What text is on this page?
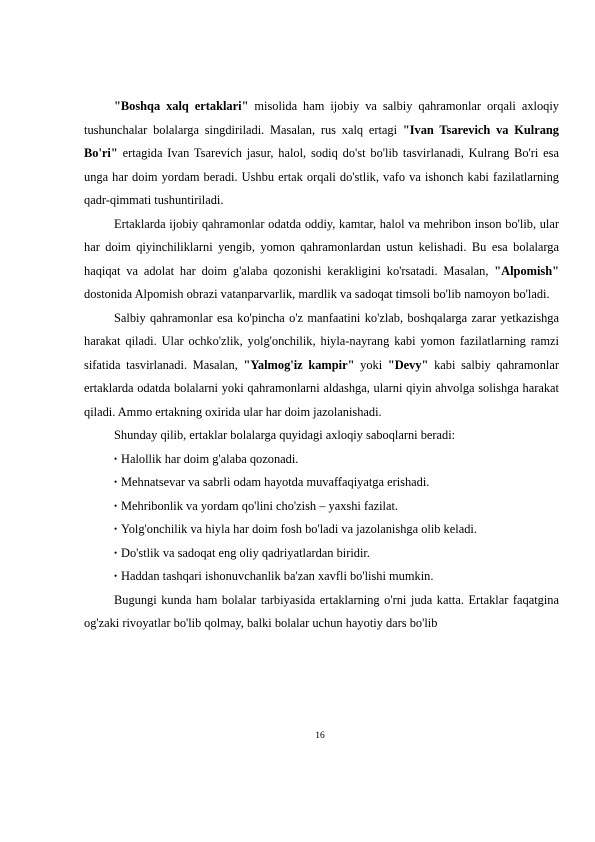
"Boshqa xalq ertaklari" misolida ham ijobiy va salbiy qahramonlar orqali axloqiy tushunchalar bolalarga singdiriladi. Masalan, rus xalq ertagi "Ivan Tsarevich va Kulrang Bo'ri" ertagida Ivan Tsarevich jasur, halol, sodiq do'st bo'lib tasvirlanadi, Kulrang Bo'ri esa unga har doim yordam beradi. Ushbu ertak orqali do'stlik, vafo va ishonch kabi fazilatlarning qadr-qimmati tushuntiriladi.

Ertaklarda ijobiy qahramonlar odatda oddiy, kamtar, halol va mehribon inson bo'lib, ular har doim qiyinchiliklarni yengib, yomon qahramonlardan ustun kelishadi. Bu esa bolalarga haqiqat va adolat har doim g'alaba qozonishi kerakligini ko'rsatadi. Masalan, "Alpomish" dostonida Alpomish obrazi vatanparvarlik, mardlik va sadoqat timsoli bo'lib namoyon bo'ladi.

Salbiy qahramonlar esa ko'pincha o'z manfaatini ko'zlab, boshqalarga zarar yetkazishga harakat qiladi. Ular ochko'zlik, yolg'onchilik, hiyla-nayrang kabi yomon fazilatlarning ramzi sifatida tasvirlanadi. Masalan, "Yalmog'iz kampir" yoki "Devy" kabi salbiy qahramonlar ertaklarda odatda bolalarni yoki qahramonlarni aldashga, ularni qiyin ahvolga solishga harakat qiladi. Ammo ertakning oxirida ular har doim jazolanishadi.

Shunday qilib, ertaklar bolalarga quyidagi axloqiy saboqlarni beradi:

• Halollik har doim g'alaba qozonadi.
• Mehnatsevar va sabrli odam hayotda muvaffaqiyatga erishadi.
• Mehribonlik va yordam qo'lini cho'zish – yaxshi fazilat.
• Yolg'onchilik va hiyla har doim fosh bo'ladi va jazolanishga olib keladi.
• Do'stlik va sadoqat eng oliy qadriyatlardan biridir.
• Haddan tashqari ishonuvchanlik ba'zan xavfli bo'lishi mumkin.

Bugungi kunda ham bolalar tarbiyasida ertaklarning o'rni juda katta. Ertaklar faqatgina og'zaki rivoyatlar bo'lib qolmay, balki bolalar uchun hayotiy dars bo'lib

16
